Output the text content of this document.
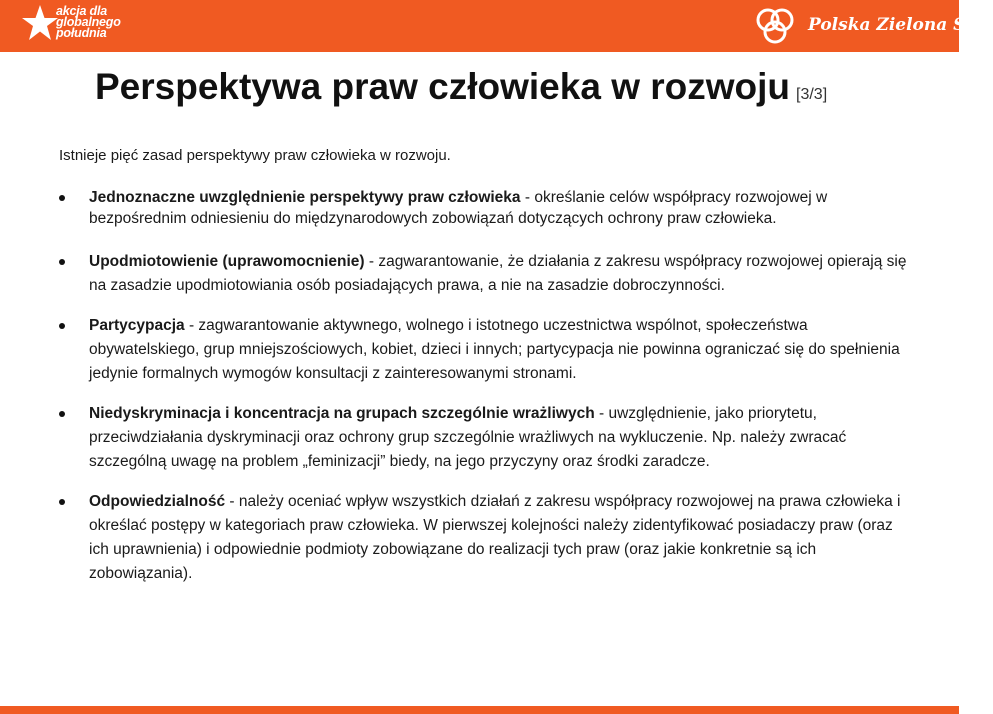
akcja dla
globalnego
południa	Polska Zielona Sieć
Perspektywa praw człowieka w rozwoju [3/3]

Istnieje pięć zasad perspektywy praw człowieka w rozwoju.

Jednoznaczne uwzględnienie perspektywy praw człowieka - określanie celów współpracy rozwojowej w bezpośrednim odniesieniu do międzynarodowych zobowiązań dotyczących ochrony praw człowieka.
Upodmiotowienie (uprawomocnienie) - zagwarantowanie, że działania z zakresu współpracy rozwojowej opierają się na zasadzie upodmiotowiania osób posiadających prawa, a nie na zasadzie dobroczynności.
Partycypacja - zagwarantowanie aktywnego, wolnego i istotnego uczestnictwa wspólnot, społeczeństwa obywatelskiego, grup mniejszościowych, kobiet, dzieci i innych; partycypacja nie powinna ograniczać się do spełnienia jedynie formalnych wymogów konsultacji z zainteresowanymi stronami.
Niedyskryminacja i koncentracja na grupach szczególnie wrażliwych - uwzględnienie, jako priorytetu, przeciwdziałania dyskryminacji oraz ochrony grup szczególnie wrażliwych na wykluczenie. Np. należy zwracać szczególną uwagę na problem „feminizacji” biedy, na jego przyczyny oraz środki zaradcze.
Odpowiedzialność - należy oceniać wpływ wszystkich działań z zakresu współpracy rozwojowej na prawa człowieka i określać postępy w kategoriach praw człowieka. W pierwszej kolejności należy zidentyfikować posiadaczy praw (oraz ich uprawnienia) i odpowiednie podmioty zobowiązane do realizacji tych praw (oraz jakie konkretnie są ich zobowiązania).
